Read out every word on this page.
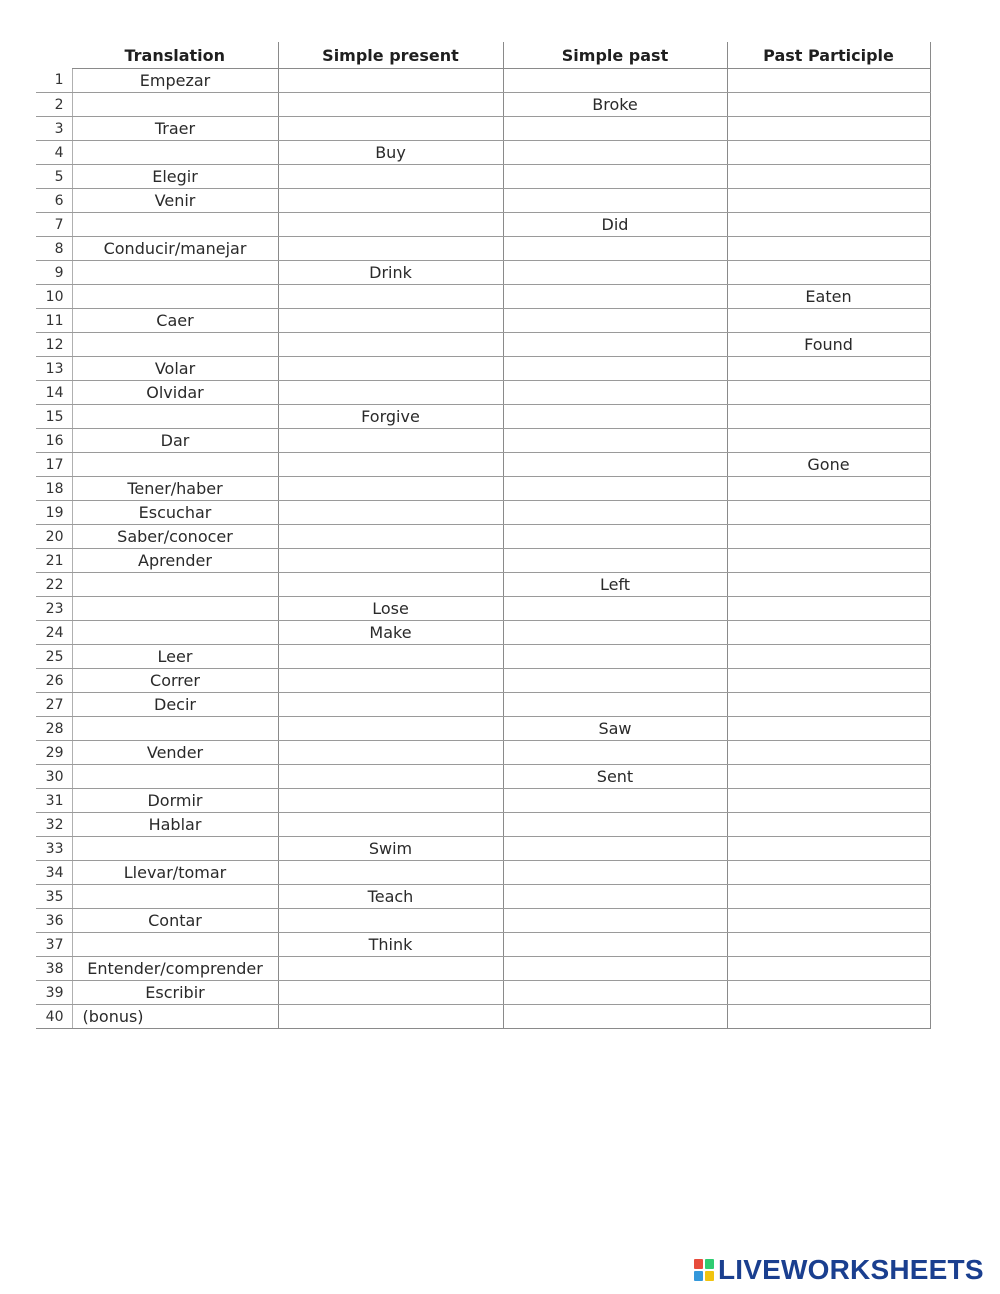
	Translation	Simple present	Simple past	Past Participle
1	Empezar			
2			Broke	
3	Traer			
4		Buy		
5	Elegir			
6	Venir			
7			Did	
8	Conducir/manejar			
9		Drink		
10				Eaten
11	Caer			
12				Found
13	Volar			
14	Olvidar			
15		Forgive		
16	Dar			
17				Gone
18	Tener/haber			
19	Escuchar			
20	Saber/conocer			
21	Aprender			
22			Left	
23		Lose		
24		Make		
25	Leer			
26	Correr			
27	Decir			
28			Saw	
29	Vender			
30			Sent	
31	Dormir			
32	Hablar			
33		Swim		
34	Llevar/tomar			
35		Teach		
36	Contar			
37		Think		
38	Entender/comprender			
39	Escribir			
40	(bonus)			
LIVEWORKSHEETS
